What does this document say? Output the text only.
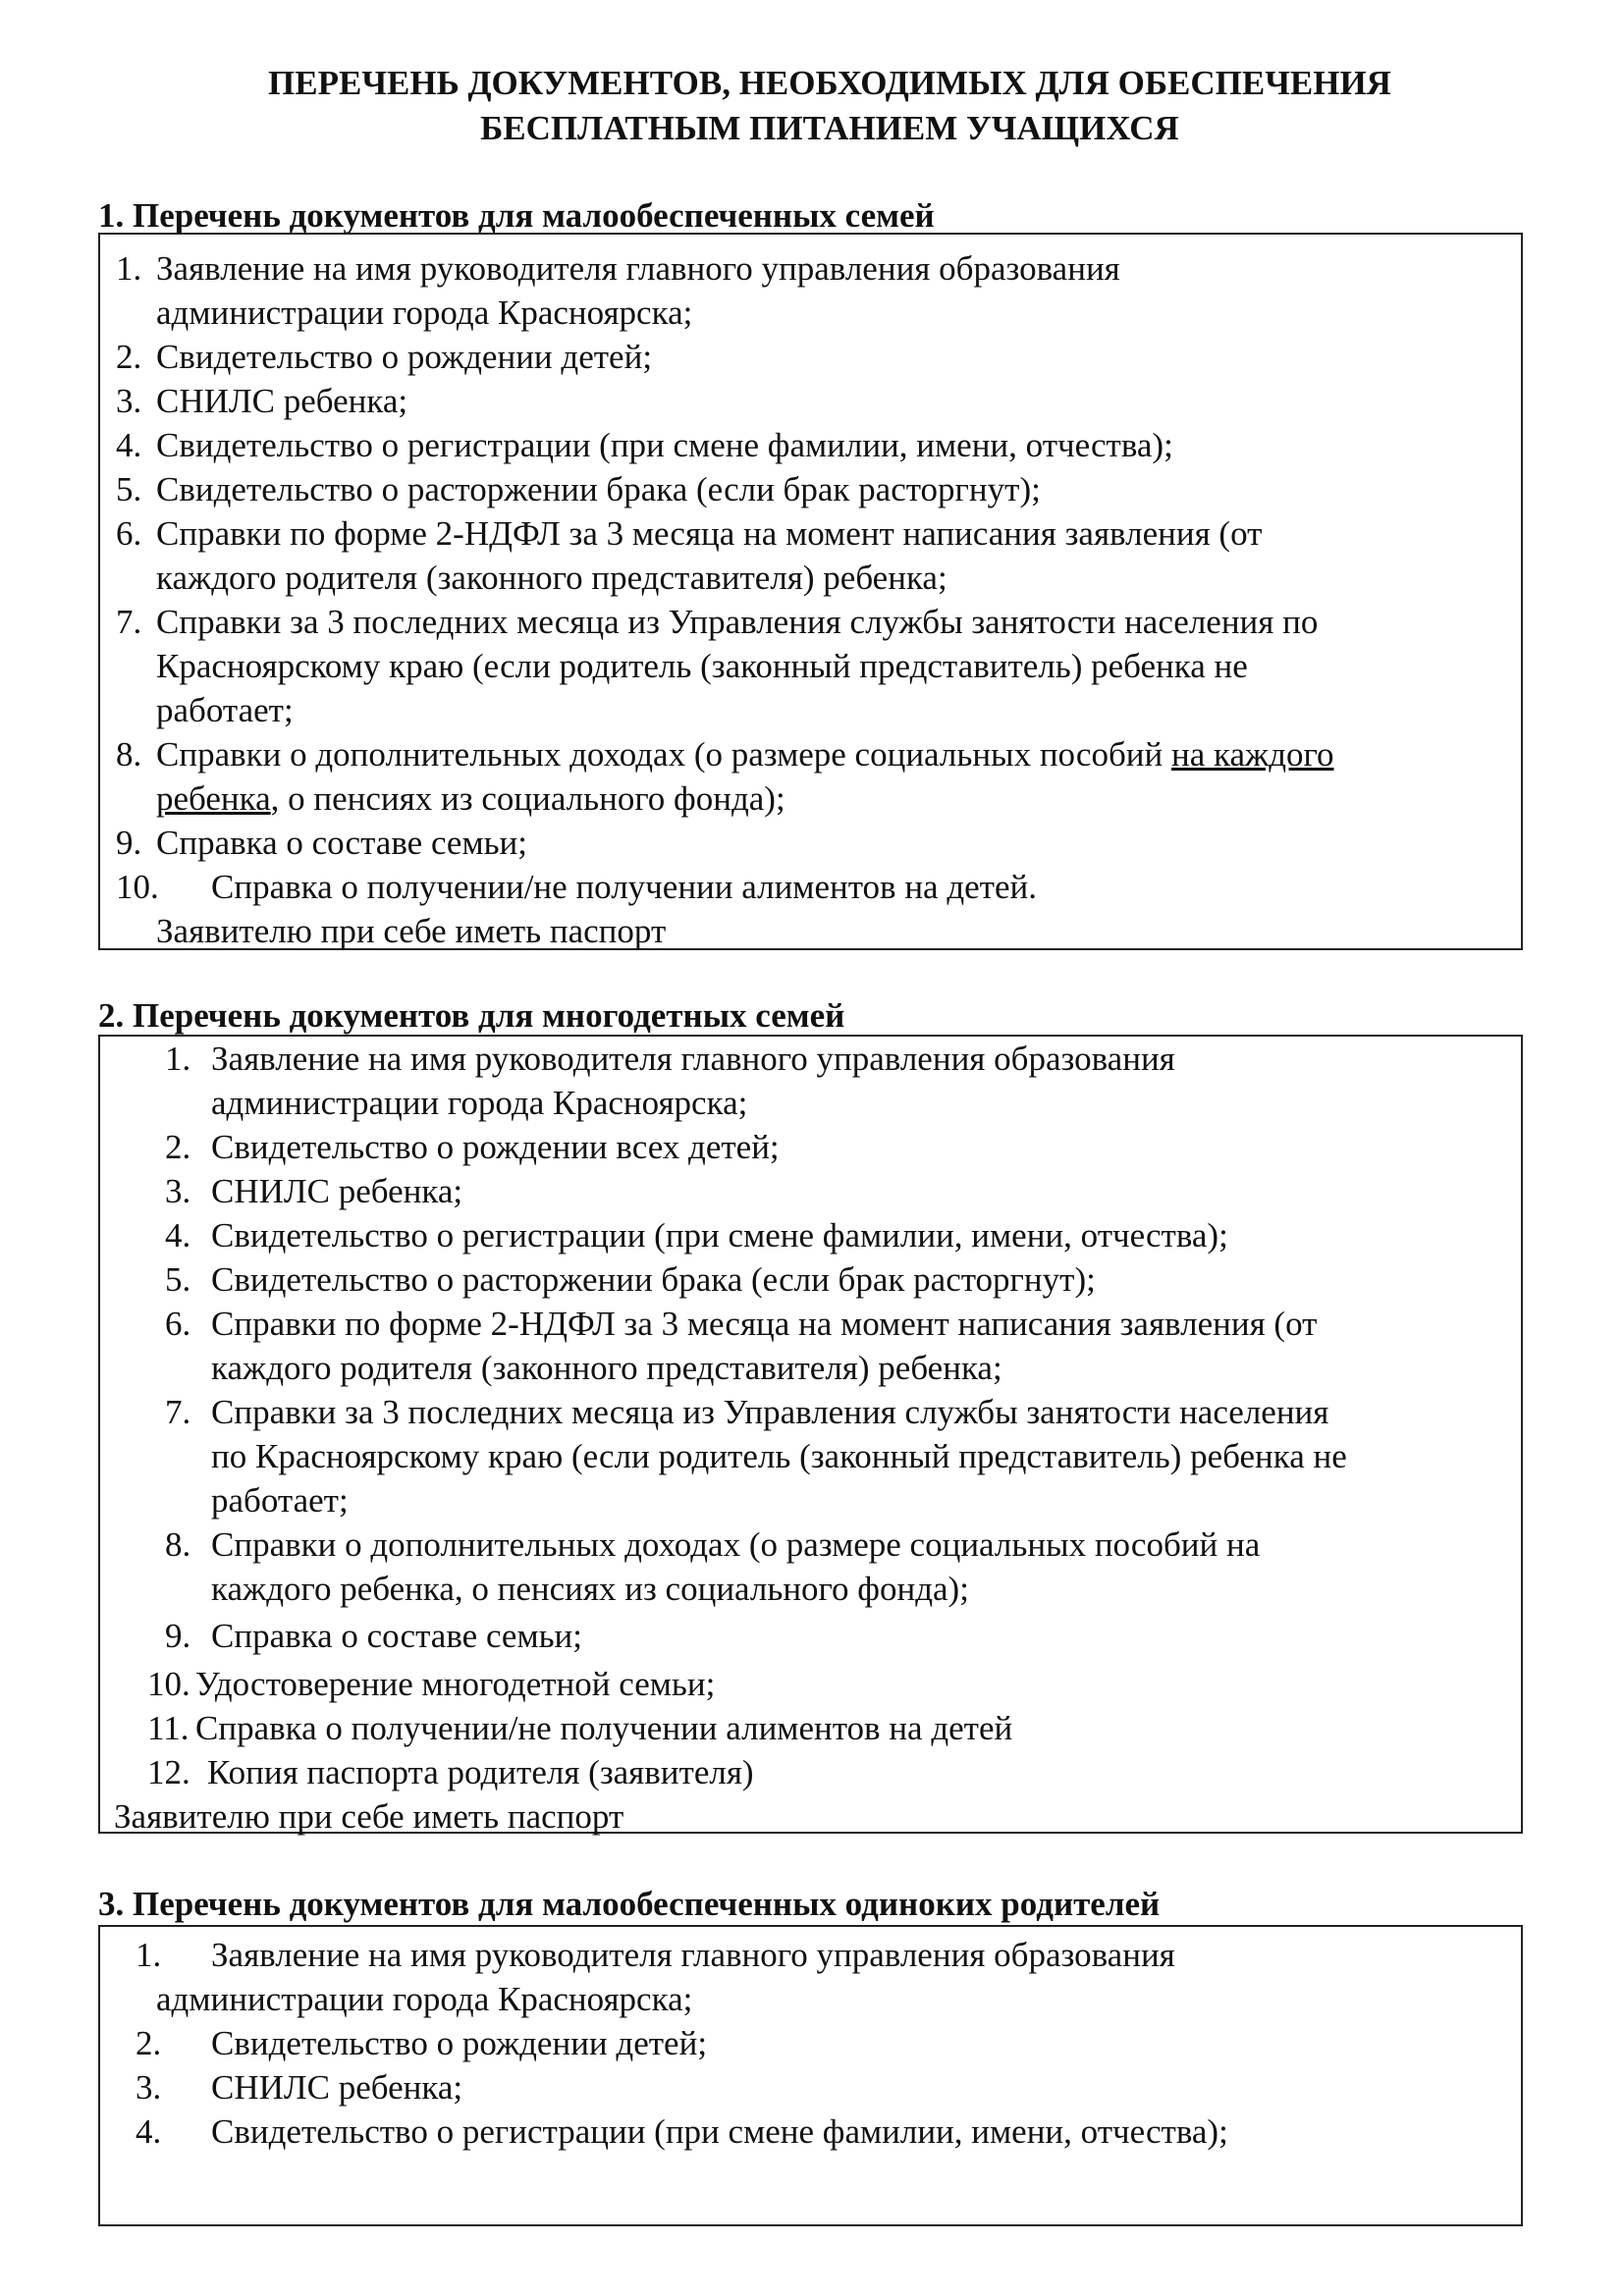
ПЕРЕЧЕНЬ ДОКУМЕНТОВ, НЕОБХОДИМЫХ ДЛЯ ОБЕСПЕЧЕНИЯ
БЕСПЛАТНЫМ ПИТАНИЕМ УЧАЩИХСЯ
1. Перечень документов для малообеспеченных семей
1. Заявление на имя руководителя главного управления образования
администрации города Красноярска;
2. Свидетельство о рождении детей;
3. СНИЛС ребенка;
4. Свидетельство о регистрации (при смене фамилии, имени, отчества);
5. Свидетельство о расторжении брака (если брак расторгнут);
6. Справки по форме 2-НДФЛ за 3 месяца на момент написания заявления (от
каждого родителя (законного представителя) ребенка;
7. Справки за 3 последних месяца из Управления службы занятости населения по
Красноярскому краю (если родитель (законный представитель) ребенка не
работает;
8. Справки о дополнительных доходах (о размере социальных пособий на каждого
ребенка, о пенсиях из социального фонда);
9. Справка о составе семьи;
10. Справка о получении/не получении алиментов на детей.
Заявителю при себе иметь паспорт
2. Перечень документов для многодетных семей
1. Заявление на имя руководителя главного управления образования
администрации города Красноярска;
2. Свидетельство о рождении всех детей;
3. СНИЛС ребенка;
4. Свидетельство о регистрации (при смене фамилии, имени, отчества);
5. Свидетельство о расторжении брака (если брак расторгнут);
6. Справки по форме 2-НДФЛ за 3 месяца на момент написания заявления (от
каждого родителя (законного представителя) ребенка;
7. Справки за 3 последних месяца из Управления службы занятости населения
по Красноярскому краю (если родитель (законный представитель) ребенка не
работает;
8. Справки о дополнительных доходах (о размере социальных пособий на
каждого ребенка, о пенсиях из социального фонда);
9. Справка о составе семьи;
10. Удостоверение многодетной семьи;
11. Справка о получении/не получении алиментов на детей
12. Копия паспорта родителя (заявителя)
Заявителю при себе иметь паспорт
3. Перечень документов для малообеспеченных одиноких родителей
1. Заявление на имя руководителя главного управления образования
администрации города Красноярска;
2. Свидетельство о рождении детей;
3. СНИЛС ребенка;
4. Свидетельство о регистрации (при смене фамилии, имени, отчества);
